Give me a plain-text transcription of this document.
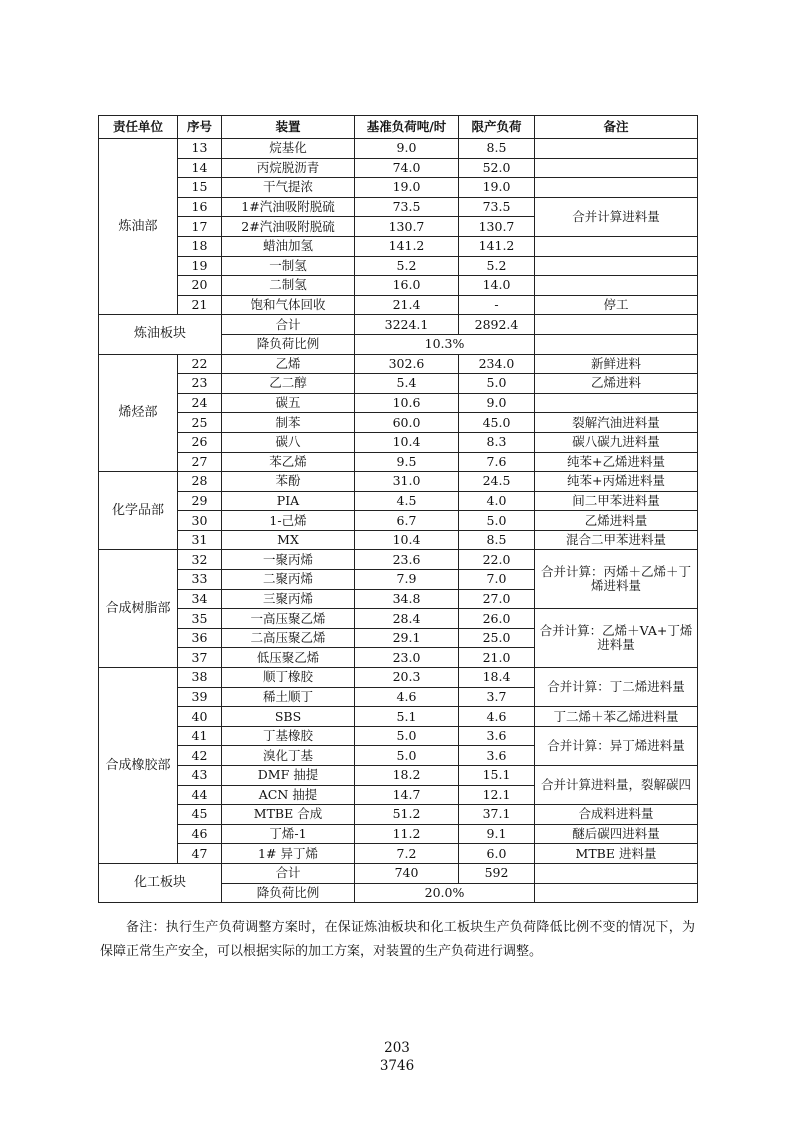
责任单位	序号	装置	基准负荷吨/时	限产负荷	备注
炼油部	13	烷基化	9.0	8.5	
	14	丙烷脱沥青	74.0	52.0	
	15	干气提浓	19.0	19.0	
	16	1#汽油吸附脱硫	73.5	73.5	合并计算进料量
	17	2#汽油吸附脱硫	130.7	130.7	
	18	蜡油加氢	141.2	141.2	
	19	一制氢	5.2	5.2	
	20	二制氢	16.0	14.0	
	21	饱和气体回收	21.4	-	停工
炼油板块		合计	3224.1	2892.4	
		降负荷比例	10.3%		
烯烃部	22	乙烯	302.6	234.0	新鲜进料
	23	乙二醇	5.4	5.0	乙烯进料
	24	碳五	10.6	9.0	
	25	制苯	60.0	45.0	裂解汽油进料量
	26	碳八	10.4	8.3	碳八碳九进料量
	27	苯乙烯	9.5	7.6	纯苯+乙烯进料量
化学品部	28	苯酚	31.0	24.5	纯苯+丙烯进料量
	29	PIA	4.5	4.0	间二甲苯进料量
	30	1-己烯	6.7	5.0	乙烯进料量
	31	MX	10.4	8.5	混合二甲苯进料量
合成树脂部	32	一聚丙烯	23.6	22.0	合并计算：丙烯＋乙烯＋丁烯进料量
	33	二聚丙烯	7.9	7.0	
	34	三聚丙烯	34.8	27.0	
	35	一高压聚乙烯	28.4	26.0	合并计算：乙烯＋VA+丁烯进料量
	36	二高压聚乙烯	29.1	25.0	
	37	低压聚乙烯	23.0	21.0	
合成橡胶部	38	顺丁橡胶	20.3	18.4	合并计算：丁二烯进料量
	39	稀土顺丁	4.6	3.7	
	40	SBS	5.1	4.6	丁二烯＋苯乙烯进料量
	41	丁基橡胶	5.0	3.6	合并计算：异丁烯进料量
	42	溴化丁基	5.0	3.6	
	43	DMF 抽提	18.2	15.1	合并计算进料量，裂解碳四
	44	ACN 抽提	14.7	12.1	
	45	MTBE 合成	51.2	37.1	合成料进料量
	46	丁烯-1	11.2	9.1	醚后碳四进料量
	47	1# 异丁烯	7.2	6.0	MTBE 进料量
化工板块		合计	740	592	
		降负荷比例	20.0%		

备注：执行生产负荷调整方案时，在保证炼油板块和化工板块生产负荷降低比例不变的情况下，为保障正常生产安全，可以根据实际的加工方案，对装置的生产负荷进行调整。

203
3746
